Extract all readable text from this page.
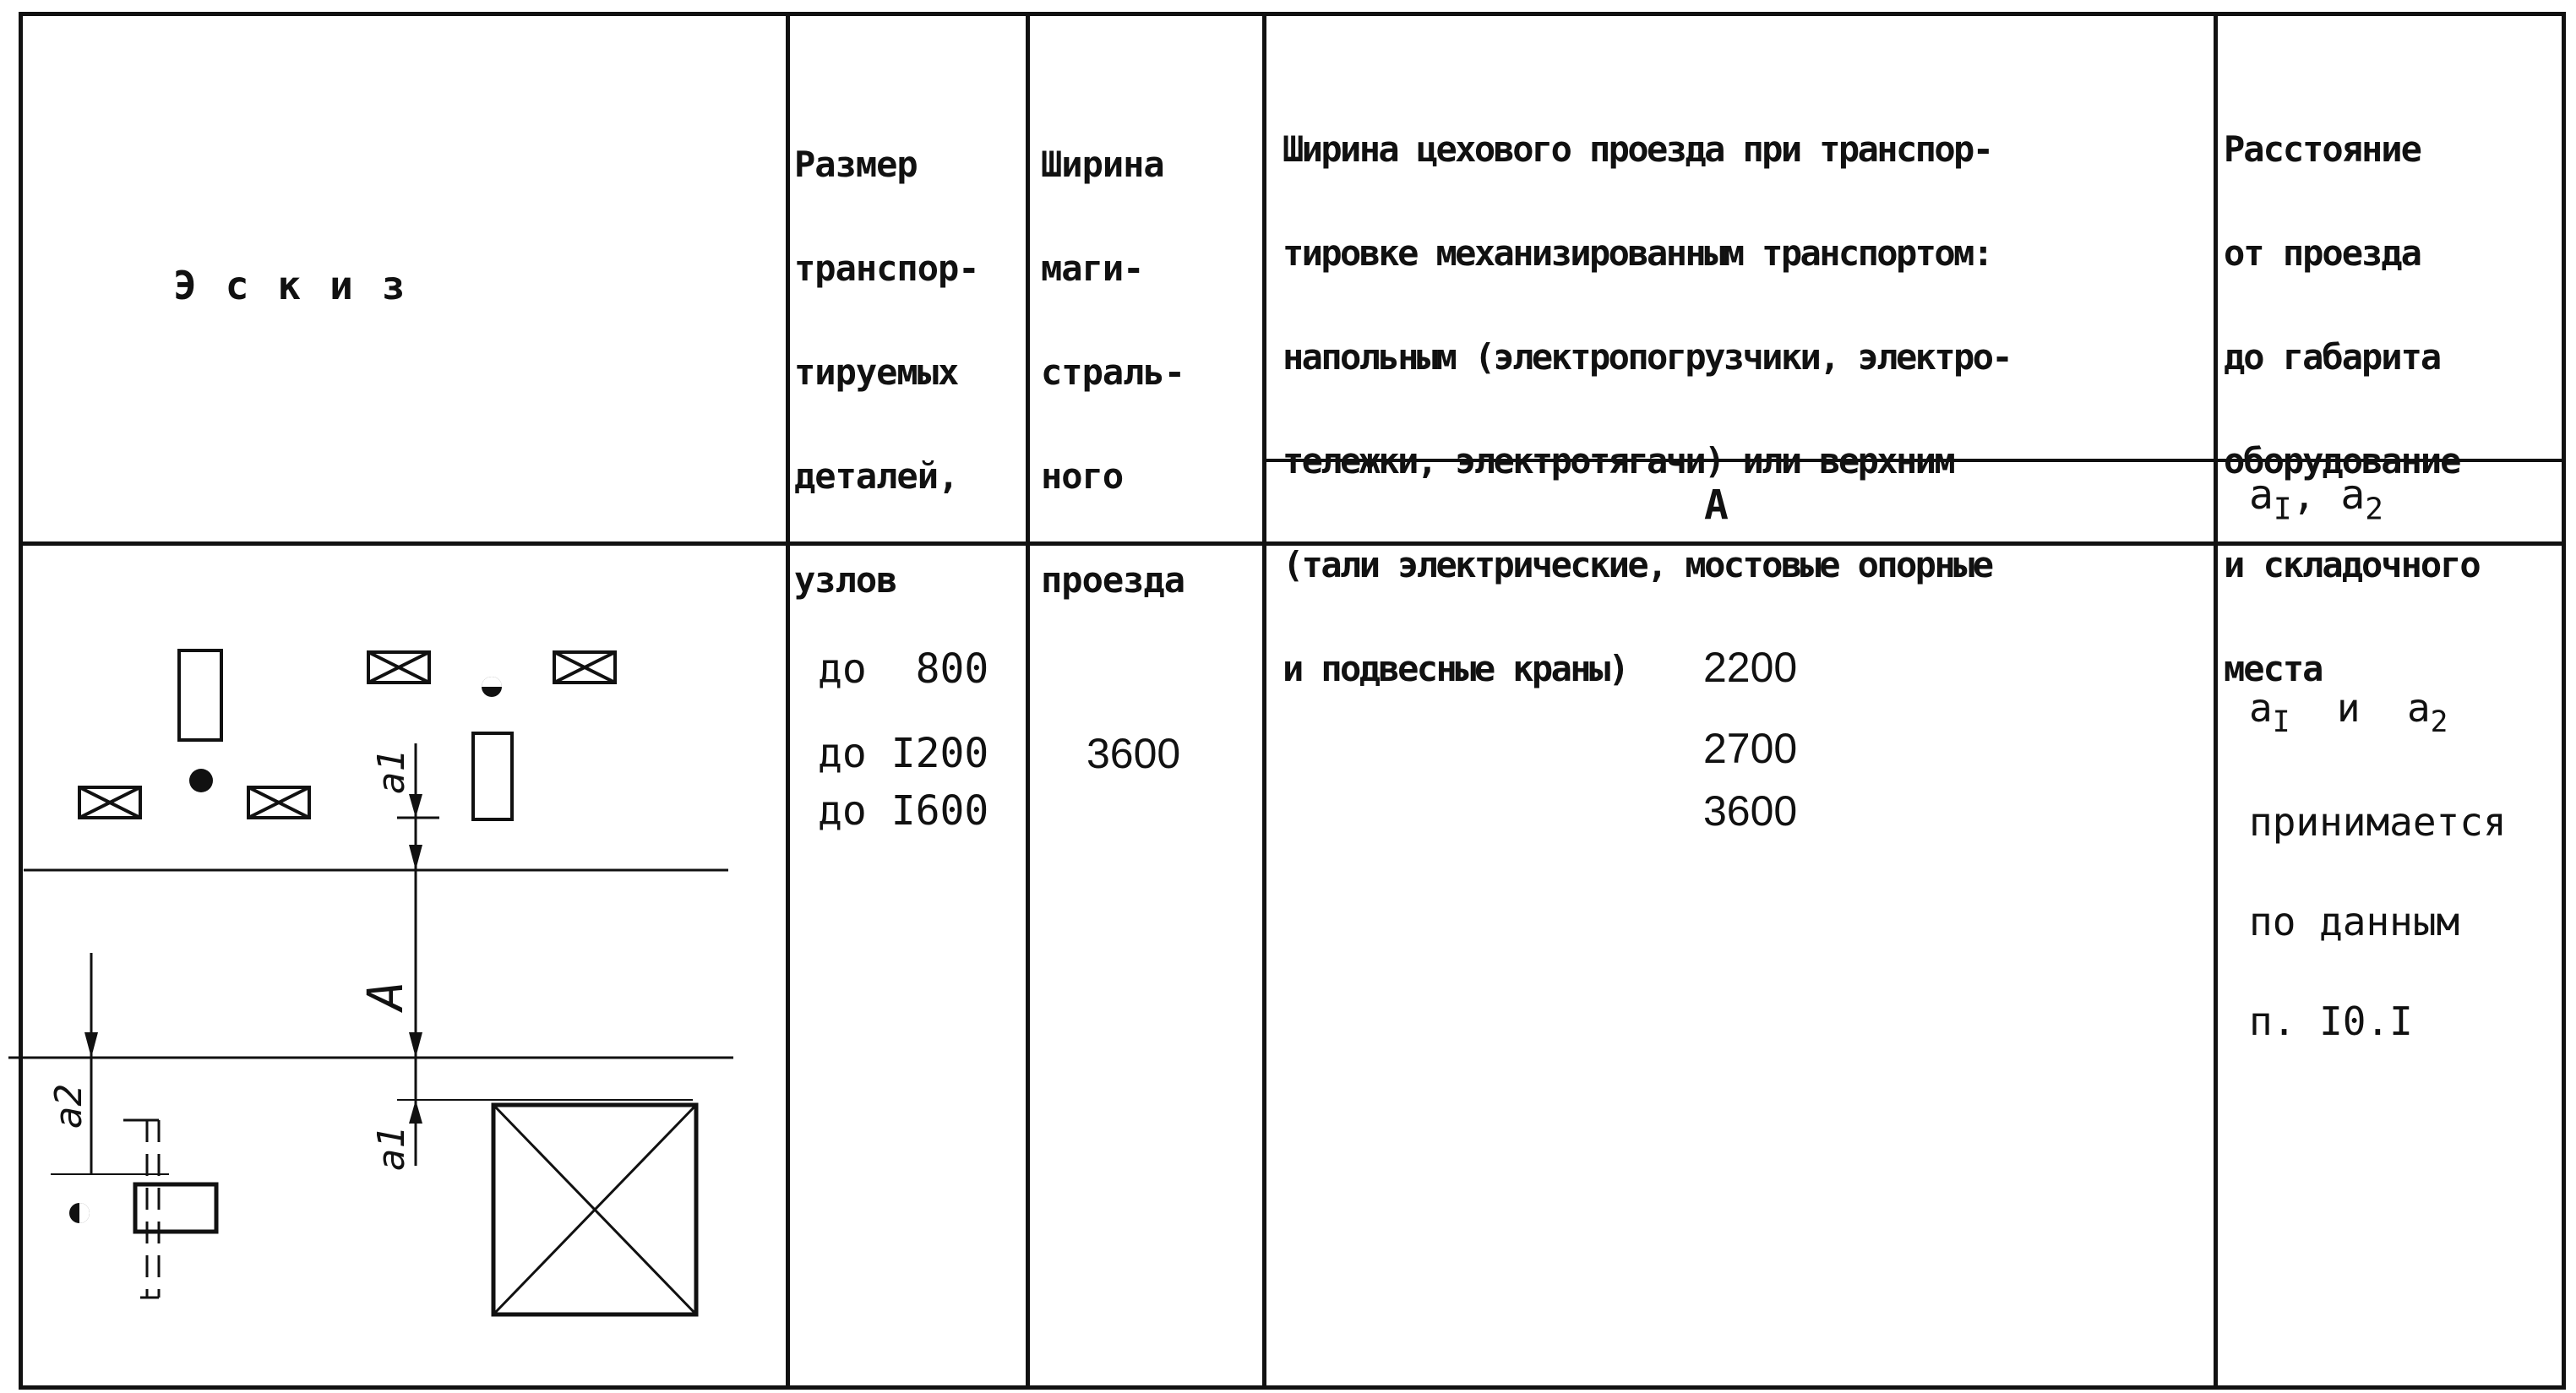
Эскиз

Размер

транспор-

тируемых

деталей,

узлов

Ширина

маги-

страль-

ного

проезда

Ширина цехового проезда при транспор-

тировке механизированным транспортом:

напольным (электропогрузчики, электро-

тележки, электротягачи) или верхним

(тали электрические, мостовые опорные

и подвесные краны)

Расстояние

от проезда

до габарита

оборудование

и складочного

места

A	$a_I$, $a_2$
до  800
до I200
до I600
3600
2200
2700
3600

$a_I$  и  $a_2$

принимается

по данным

п. I0.I

a1
A
a2
a1
